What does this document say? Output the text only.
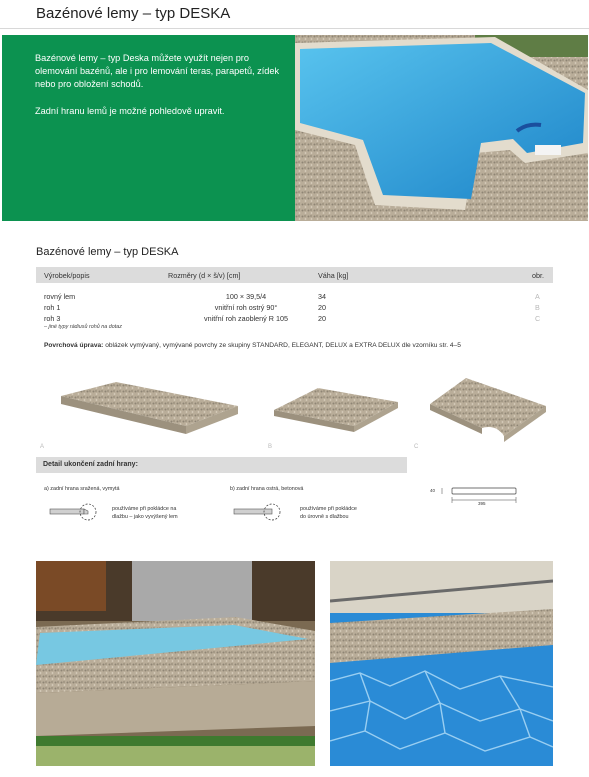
Bazénové lemy – typ DESKA

Bazénové lemy – typ Deska můžete využít nejen pro olemování bazénů, ale i pro lemování teras, parapetů, zídek nebo pro obložení schodů.

Zadní hranu lemů je možné pohledově upravit.

Bazénové lemy – typ DESKA
Výrobek/popis	Rozměry (d × š/v) [cm]	Váha [kg]	obr.
rovný lem	100 × 39,5/4	34	A
roh 1	vnitřní roh ostrý 90°	20	B
roh 3	vnitřní roh zaoblený R 105	20	C
– jiné typy rádiusů rohů na dotaz
Povrchová úprava: oblázek vymývaný, vymývané povrchy ze skupiny STANDARD, ELEGANT, DELUX a EXTRA DELUX dle vzorníku str. 4–5
A	B	C
Detail ukončení zadní hrany:
a) zadní hrana sražená, vymytá	b) zadní hrana ostrá, betonová
používáme při pokládce na
dlažbu – jako vyvýšený lem
používáme při pokládce
do úrovně s dlažbou
40
395
